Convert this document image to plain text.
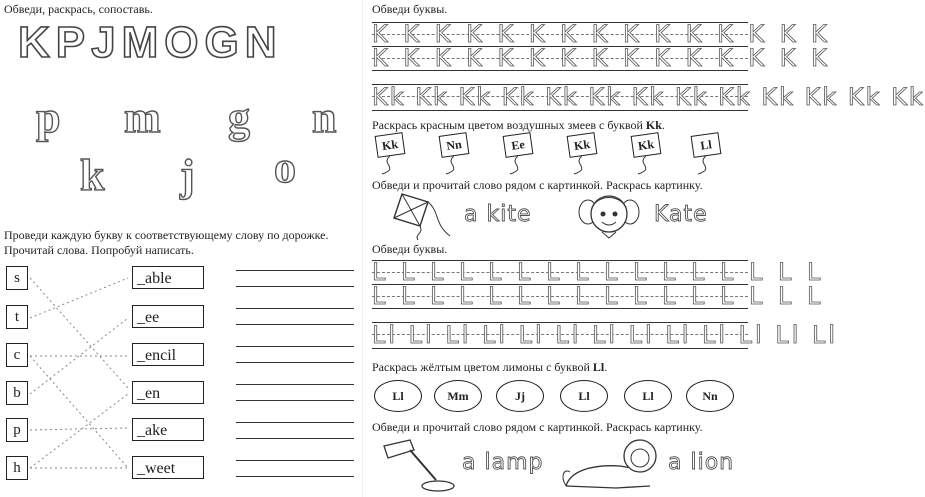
Обведи, раскрась, сопоставь.
KPJMOGN
p m g n
k j o
Проведи каждую букву к соответствующему слову по дорожке.
Прочитай слова. Попробуй написать.
s
t
c
b
p
h
_able
_ee
_encil
_en
_ake
_weet
Обведи буквы.
K K K K K K K K K K K K K K K
K K K K K K K K K K K K K K K
Kk Kk Kk Kk Kk Kk Kk Kk Kk Kk Kk Kk Kk
Раскрась красным цветом воздушных змеев с буквой Kk.
Kk	Nn	Ee	Kk	Kk	Ll
Обведи и прочитай слово рядом с картинкой. Раскрась картинку.
a kite	Kate
Обведи буквы.
L L L L L L L L L L L L L L L L
L L L L L L L L L L L L L L L L
Ll Ll Ll Ll Ll Ll Ll Ll Ll Ll Ll Ll Ll
Раскрась жёлтым цветом лимоны с буквой Ll.
Ll	Mm	Jj	Ll	Ll	Nn
Обведи и прочитай слово рядом с картинкой. Раскрась картинку.
a lamp	a lion
